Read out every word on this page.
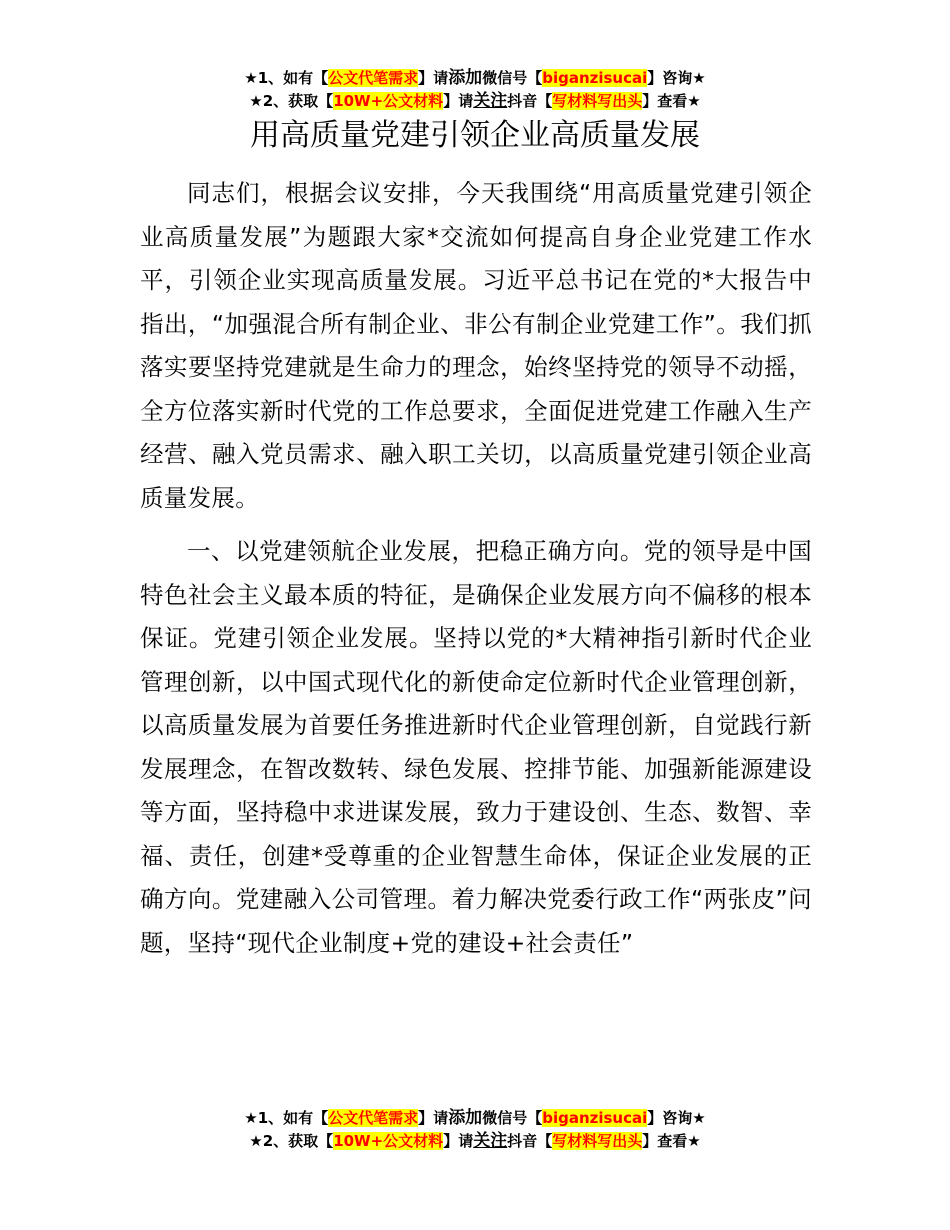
★1、如有【公文代笔需求】请添加微信号【biganzisucai】咨询★
★2、获取【10W+公文材料】请关注抖音【写材料写出头】查看★
用高质量党建引领企业高质量发展

同志们，根据会议安排，今天我围绕“用高质量党建引领企业高质量发展”为题跟大家*交流如何提高自身企业党建工作水平，引领企业实现高质量发展。习近平总书记在党的*大报告中指出，“加强混合所有制企业、非公有制企业党建工作”。我们抓落实要坚持党建就是生命力的理念，始终坚持党的领导不动摇，全方位落实新时代党的工作总要求，全面促进党建工作融入生产经营、融入党员需求、融入职工关切，以高质量党建引领企业高质量发展。

一、以党建领航企业发展，把稳正确方向。党的领导是中国特色社会主义最本质的特征，是确保企业发展方向不偏移的根本保证。党建引领企业发展。坚持以党的*大精神指引新时代企业管理创新，以中国式现代化的新使命定位新时代企业管理创新，以高质量发展为首要任务推进新时代企业管理创新，自觉践行新发展理念，在智改数转、绿色发展、控排节能、加强新能源建设等方面，坚持稳中求进谋发展，致力于建设创、生态、数智、幸福、责任，创建*受尊重的企业智慧生命体，保证企业发展的正确方向。党建融入公司管理。着力解决党委行政工作“两张皮”问题，坚持“现代企业制度+党的建设+社会责任”

★1、如有【公文代笔需求】请添加微信号【biganzisucai】咨询★
★2、获取【10W+公文材料】请关注抖音【写材料写出头】查看★
